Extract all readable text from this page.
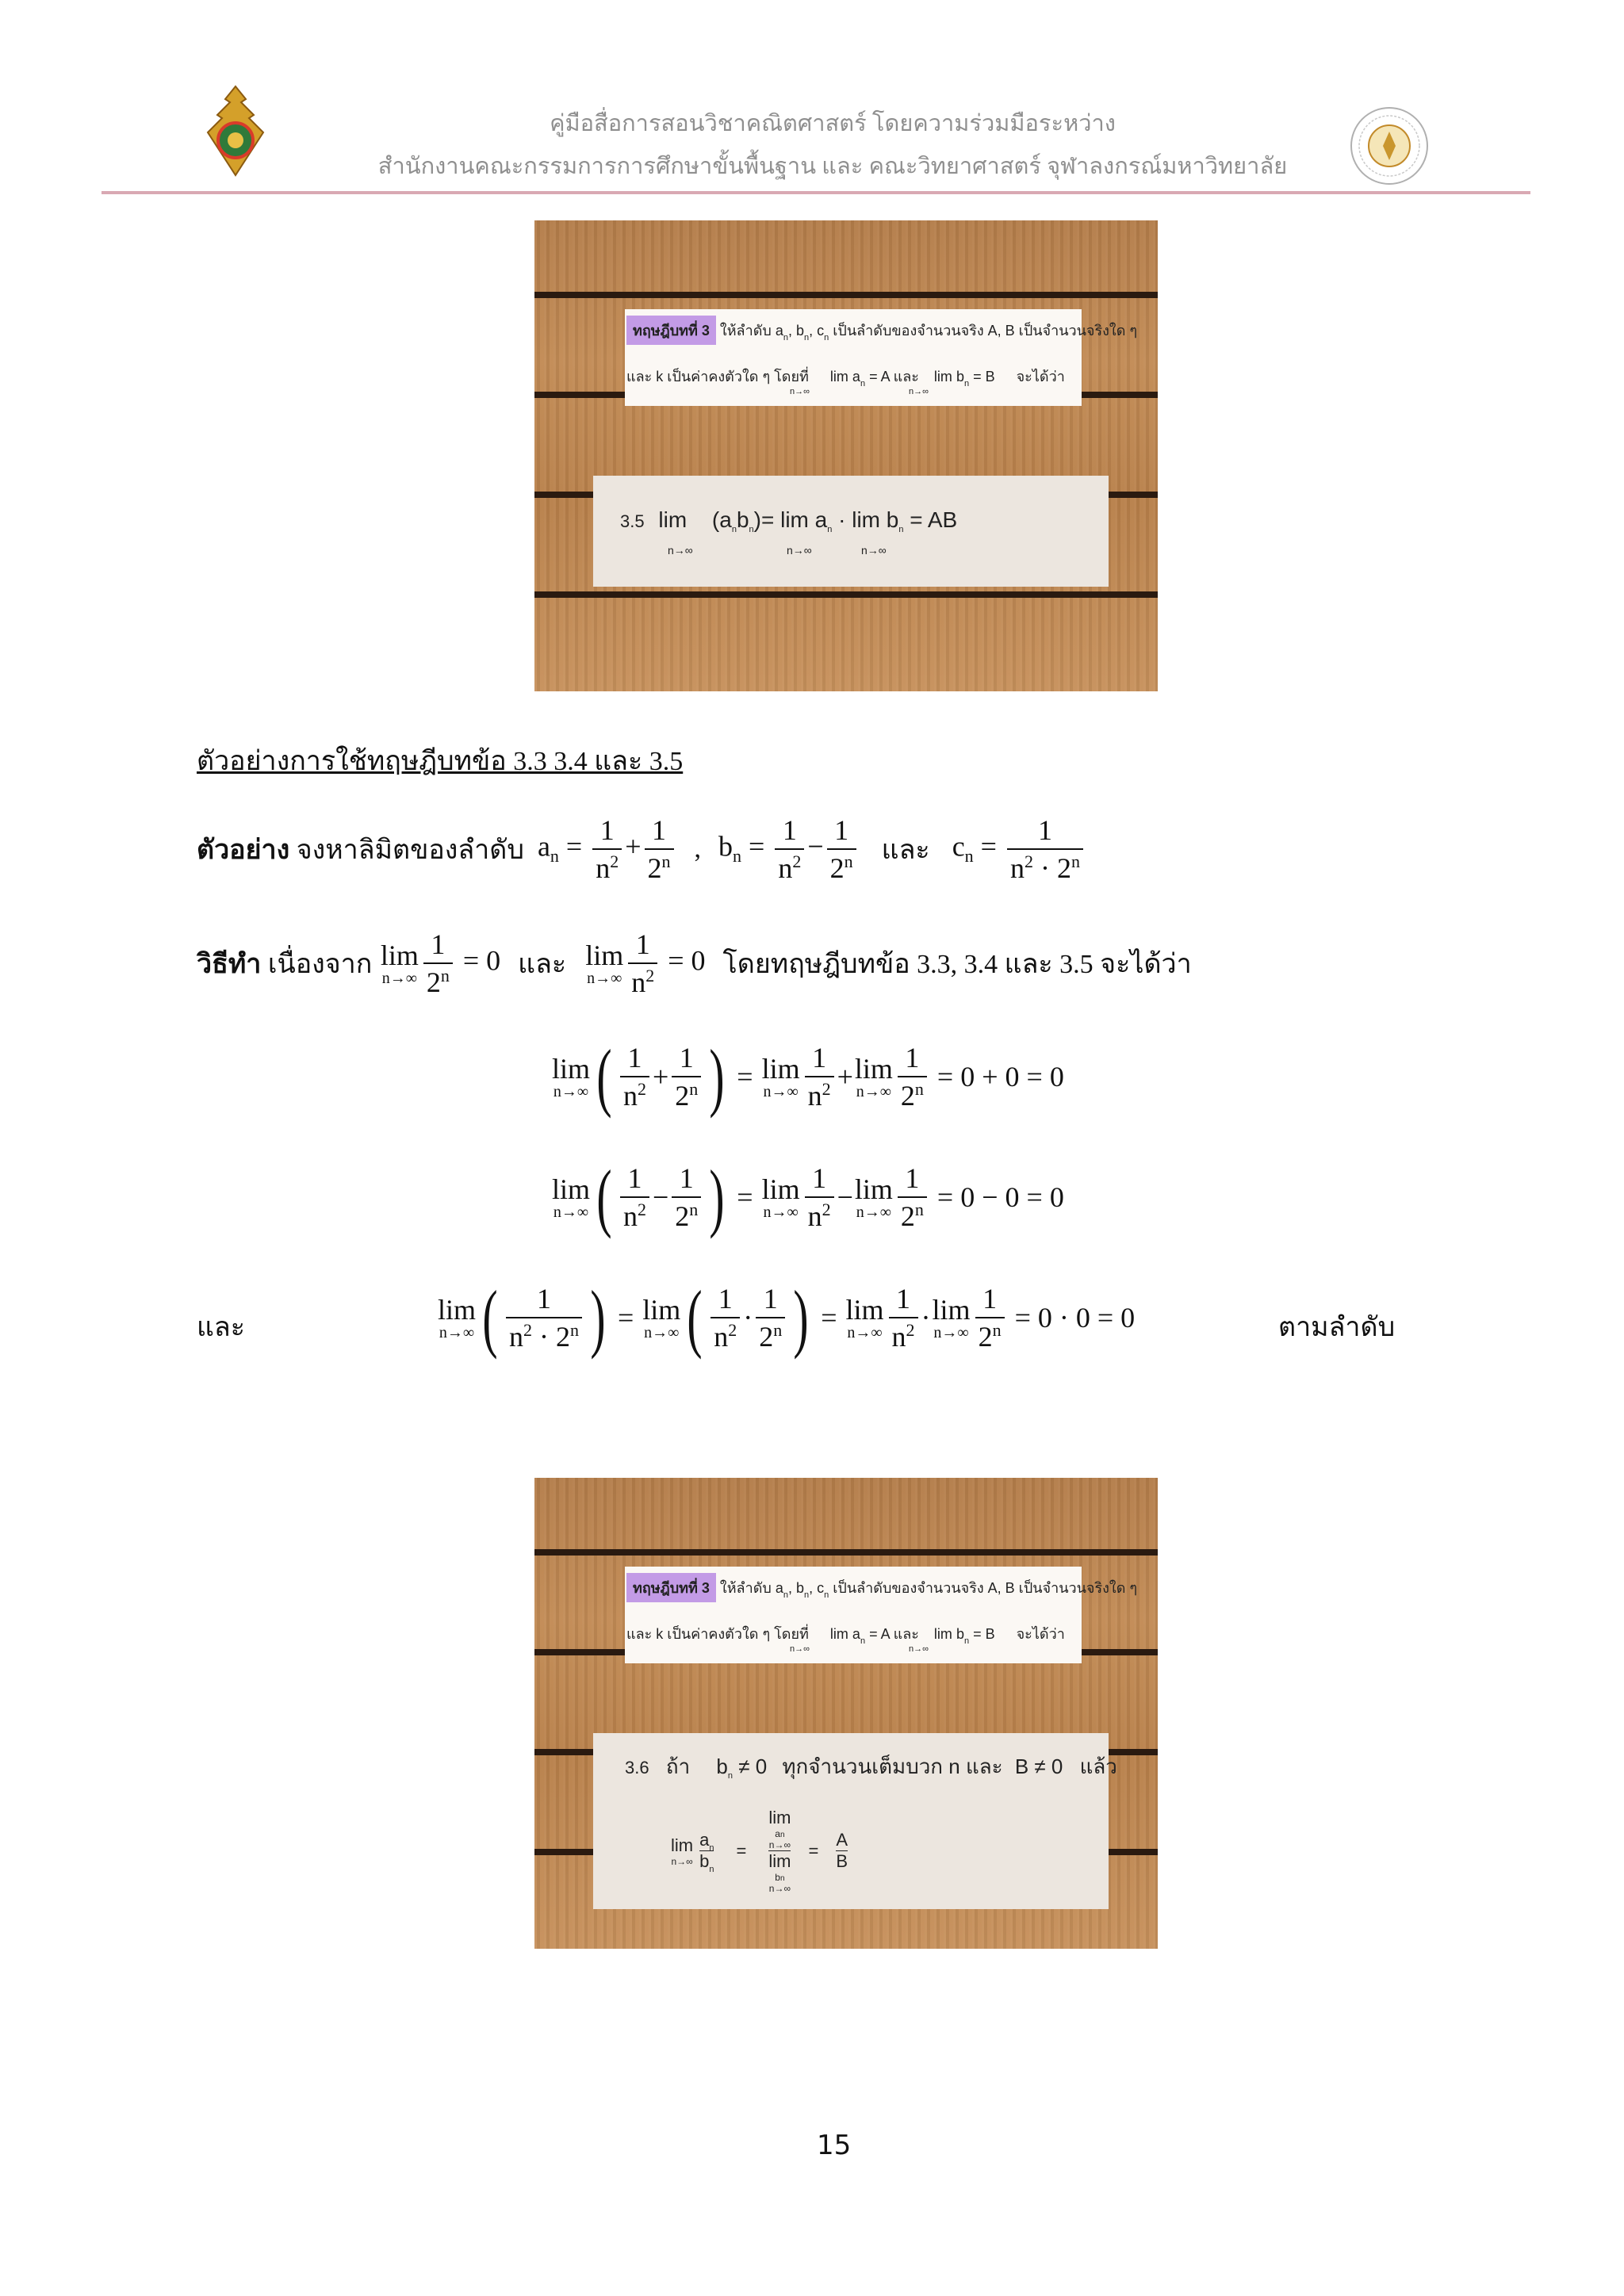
คู่มือสื่อการสอนวิชาคณิตศาสตร์ โดยความร่วมมือระหว่าง
สำนักงานคณะกรรมการการศึกษาขั้นพื้นฐาน และ คณะวิทยาศาสตร์ จุฬาลงกรณ์มหาวิทยาลัย
ทฤษฎีบทที่ 3 ให้ลำดับ $a_n$, $b_n$, $c_n$ เป็นลำดับของจำนวนจริง A, B เป็นจำนวนจริงใด ๆ
และ k เป็นค่าคงตัวใด ๆ โดยที่ $\lim a_n = A$ และ $\lim b_n = B$ จะได้ว่า
n→∞	n→∞
3.5 $\lim (a_nb_n)= \lim a_n \cdot \lim b_n$ = AB
n→∞	n→∞	n→∞
ตัวอย่างการใช้ทฤษฎีบทข้อ 3.3 3.4 และ 3.5
ตัวอย่าง
จงหาลิมิตของลำดับ
$a_n = \frac{1}{n^2} + \frac{1}{2^n}$ , $b_n = \frac{1}{n^2} - \frac{1}{2^n}$ และ $c_n = \frac{1}{n^2 \cdot 2^n}$
วิธีทำ
เนื่องจาก
lim
$n\to\infty \frac{1}{2^n} = 0$ และ lim
$n\to\infty \frac{1}{n^2} = 0$ โดยทฤษฎีบทข้อ 3.3, 3.4 และ 3.5 จะได้ว่า
lim
n→∞ ( $\frac{1}{n^2} + \frac{1}{2^n}$ ) = lim
$n\to\infty \frac{1}{n^2} + \lim$
$n\to\infty \frac{1}{2^n}$
= 0 + 0 = 0
lim
n→∞ ( $\frac{1}{n^2} - \frac{1}{2^n}$ ) = lim
$n\to\infty \frac{1}{n^2} - \lim$
$n\to\infty \frac{1}{2^n}$
= 0 − 0 = 0
และ
lim
n→∞ ( $\frac{1}{n^2 \cdot 2^n}$ ) = lim
n→∞ ( $\frac{1}{n^2} \cdot \frac{1}{2^n}$ ) = lim
$n\to\infty \frac{1}{n^2} \cdot \lim$
$n\to\infty \frac{1}{2^n}$
= 0 · 0 = 0	ตามลำดับ
ทฤษฎีบทที่ 3 ให้ลำดับ $a_n$, $b_n$, $c_n$ เป็นลำดับของจำนวนจริง A, B เป็นจำนวนจริงใด ๆ
และ k เป็นค่าคงตัวใด ๆ โดยที่ $\lim a_n = A$ และ $\lim b_n = B$ จะได้ว่า
n→∞	n→∞
3.6 ถ้า $b_n \ne 0$ ทุกจำนวนเต็มบวก n และ B ≠ 0 แล้ว
lim
$n\to\infty \frac{a_n}{b_n}$ =
lim
an
n→∞
lim
bn
n→∞
= $\frac{A}{B}$
15
